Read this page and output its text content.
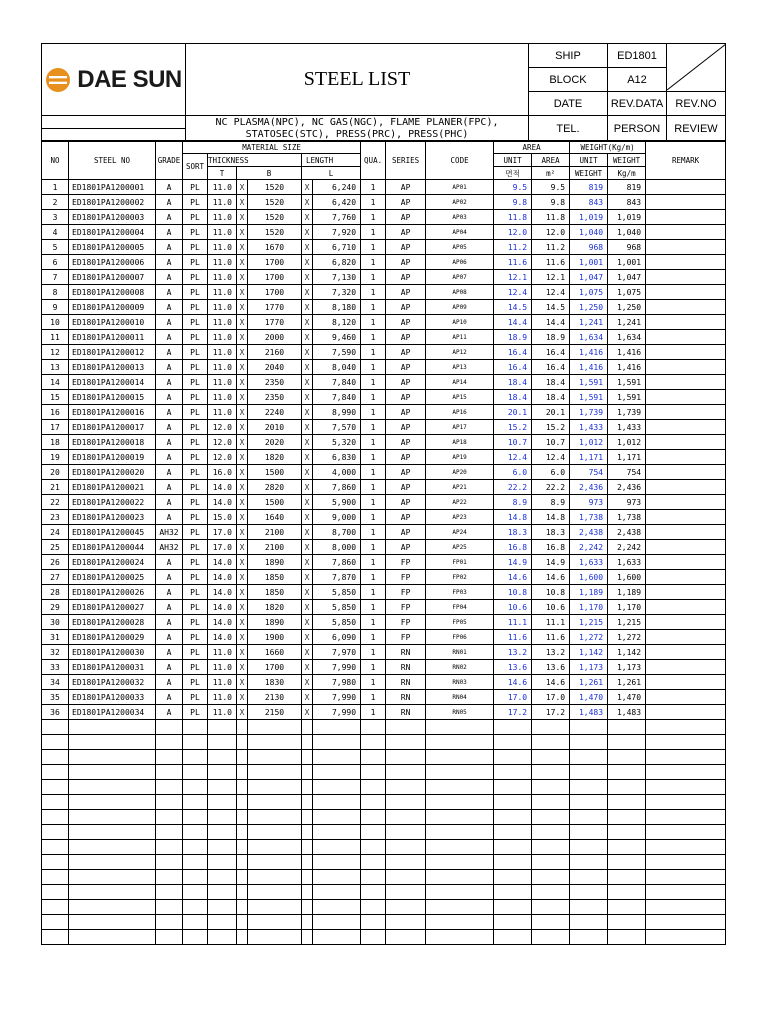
DAE SUN	STEEL LIST	SHIP	ED1801	

		BLOCK	A12	
		DATE	REV.DATA	REV.NO

	NC PLASMA(NPC), NC GAS(NGC), FLAME PLANER(FPC),
STATOSEC(STC), PRESS(PRC), PRESS(PHC)	TEL.	PERSON	REVIEW

NO	STEEL NO	GRADE	MATERIAL SIZE						QUA.	SERIES	CODE	AREA		WEIGHT(Kg/m)		REMARK
			SORT	THICKNESS			LENGTH					UNIT	AREA	UNIT	WEIGHT	
				T	B		L					면적	m²	WEIGHT	Kg/m	
1	ED1801PA1200001	A	PL	11.0	X	1520	X	6,240	1	AP	AP01	9.5	9.5	819	819	
2	ED1801PA1200002	A	PL	11.0	X	1520	X	6,420	1	AP	AP02	9.8	9.8	843	843	
3	ED1801PA1200003	A	PL	11.0	X	1520	X	7,760	1	AP	AP03	11.8	11.8	1,019	1,019	
4	ED1801PA1200004	A	PL	11.0	X	1520	X	7,920	1	AP	AP04	12.0	12.0	1,040	1,040	
5	ED1801PA1200005	A	PL	11.0	X	1670	X	6,710	1	AP	AP05	11.2	11.2	968	968	
6	ED1801PA1200006	A	PL	11.0	X	1700	X	6,820	1	AP	AP06	11.6	11.6	1,001	1,001	
7	ED1801PA1200007	A	PL	11.0	X	1700	X	7,130	1	AP	AP07	12.1	12.1	1,047	1,047	
8	ED1801PA1200008	A	PL	11.0	X	1700	X	7,320	1	AP	AP08	12.4	12.4	1,075	1,075	
9	ED1801PA1200009	A	PL	11.0	X	1770	X	8,180	1	AP	AP09	14.5	14.5	1,250	1,250	
10	ED1801PA1200010	A	PL	11.0	X	1770	X	8,120	1	AP	AP10	14.4	14.4	1,241	1,241	
11	ED1801PA1200011	A	PL	11.0	X	2000	X	9,460	1	AP	AP11	18.9	18.9	1,634	1,634	
12	ED1801PA1200012	A	PL	11.0	X	2160	X	7,590	1	AP	AP12	16.4	16.4	1,416	1,416	
13	ED1801PA1200013	A	PL	11.0	X	2040	X	8,040	1	AP	AP13	16.4	16.4	1,416	1,416	
14	ED1801PA1200014	A	PL	11.0	X	2350	X	7,840	1	AP	AP14	18.4	18.4	1,591	1,591	
15	ED1801PA1200015	A	PL	11.0	X	2350	X	7,840	1	AP	AP15	18.4	18.4	1,591	1,591	
16	ED1801PA1200016	A	PL	11.0	X	2240	X	8,990	1	AP	AP16	20.1	20.1	1,739	1,739	
17	ED1801PA1200017	A	PL	12.0	X	2010	X	7,570	1	AP	AP17	15.2	15.2	1,433	1,433	
18	ED1801PA1200018	A	PL	12.0	X	2020	X	5,320	1	AP	AP18	10.7	10.7	1,012	1,012	
19	ED1801PA1200019	A	PL	12.0	X	1820	X	6,830	1	AP	AP19	12.4	12.4	1,171	1,171	
20	ED1801PA1200020	A	PL	16.0	X	1500	X	4,000	1	AP	AP20	6.0	6.0	754	754	
21	ED1801PA1200021	A	PL	14.0	X	2820	X	7,860	1	AP	AP21	22.2	22.2	2,436	2,436	
22	ED1801PA1200022	A	PL	14.0	X	1500	X	5,900	1	AP	AP22	8.9	8.9	973	973	
23	ED1801PA1200023	A	PL	15.0	X	1640	X	9,000	1	AP	AP23	14.8	14.8	1,738	1,738	
24	ED1801PA1200045	AH32	PL	17.0	X	2100	X	8,700	1	AP	AP24	18.3	18.3	2,438	2,438	
25	ED1801PA1200044	AH32	PL	17.0	X	2100	X	8,000	1	AP	AP25	16.8	16.8	2,242	2,242	
26	ED1801PA1200024	A	PL	14.0	X	1890	X	7,860	1	FP	FP01	14.9	14.9	1,633	1,633	
27	ED1801PA1200025	A	PL	14.0	X	1850	X	7,870	1	FP	FP02	14.6	14.6	1,600	1,600	
28	ED1801PA1200026	A	PL	14.0	X	1850	X	5,850	1	FP	FP03	10.8	10.8	1,189	1,189	
29	ED1801PA1200027	A	PL	14.0	X	1820	X	5,850	1	FP	FP04	10.6	10.6	1,170	1,170	
30	ED1801PA1200028	A	PL	14.0	X	1890	X	5,850	1	FP	FP05	11.1	11.1	1,215	1,215	
31	ED1801PA1200029	A	PL	14.0	X	1900	X	6,090	1	FP	FP06	11.6	11.6	1,272	1,272	
32	ED1801PA1200030	A	PL	11.0	X	1660	X	7,970	1	RN	RN01	13.2	13.2	1,142	1,142	
33	ED1801PA1200031	A	PL	11.0	X	1700	X	7,990	1	RN	RN02	13.6	13.6	1,173	1,173	
34	ED1801PA1200032	A	PL	11.0	X	1830	X	7,980	1	RN	RN03	14.6	14.6	1,261	1,261	
35	ED1801PA1200033	A	PL	11.0	X	2130	X	7,990	1	RN	RN04	17.0	17.0	1,470	1,470	
36	ED1801PA1200034	A	PL	11.0	X	2150	X	7,990	1	RN	RN05	17.2	17.2	1,483	1,483	
